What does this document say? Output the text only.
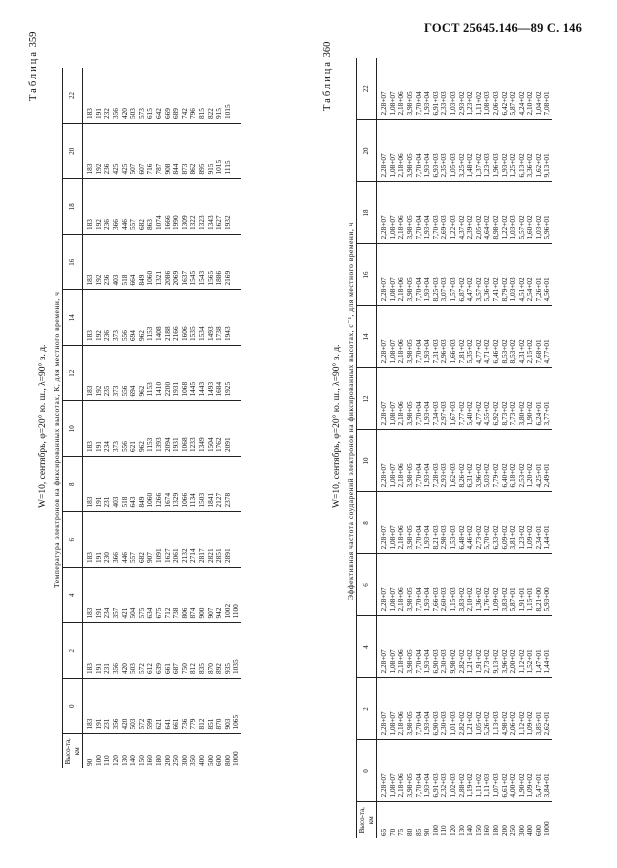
ГОСТ 25645.146—89 С. 146
Таблица 359
W=10, сентябрь, φ=20° ю. ш., λ=90° з. д. Температура электронов на фиксированных высотах, К, для местного времени, ч
Высо-та, км	0	2	4	6	8	10	12	14	16	18	20	22
90	183	183	183	183	183	183	183	183	183	183	183	183
100	191	191	191	191	191	191	192	192	192	192	192	191
110	231	231	234	230	231	234	235	236	236	236	236	232
120	356	356	357	366	403	373	373	373	403	366	425	356
130	420	420	421	446	518	556	556	556	518	446	425	420
140	503	503	504	557	643	621	694	694	664	557	507	503
150	572	572	575	682	849	962	962	962	849	682	607	573
160	599	612	634	907	1060	1153	1153	1153	1060	863	716	615
180	621	639	675	1091	1266	1393	1410	1408	1321	1074	787	642
200	641	661	712	1627	1674	2094	2200	2188	2086	1666	908	669
250	661	687	738	2061	1329	1931	1931	2166	2069	1990	844	689
300	736	750	806	2132	1066	1068	1068	1606	1637	1309	873	742
350	779	812	874	2714	1134	1233	1445	1535	1545	1322	862	796
400	812	835	900	2817	1503	1349	1443	1534	1543	1323	895	815
500	851	870	907	2821	1841	1504	1493	1493	1565	1343	915	822
600	870	892	942	2851	2127	1762	1684	1738	1886	1627	1015	915
800	903	935	1002	2891	2378	2091	1925	1943	2169	1932	1115	1015
1000	1065	1035	1100									
Таблица 360
W=10, сентябрь, φ=20° ю. ш., λ=90° з. д. Эффективная частота соударений электронов на фиксированных высотах, с⁻¹, для местного времени, ч
Высо-та, км	0	2	4	6	8	10	12	14	16	18	20	22
65	2,28+07	2,28+07	2,28+07	2,28+07	2,28+07	2,28+07	2,28+07	2,28+07	2,28+07	2,28+07	2,28+07	2,28+07
70	1,08+07	1,08+07	1,08+07	1,08+07	1,08+07	1,08+07	1,08+07	1,08+07	1,08+07	1,08+07	1,08+07	1,08+07
75	2,18+06	2,18+06	2,18+06	2,18+06	2,18+06	2,18+06	2,18+06	2,18+06	2,18+06	2,18+06	2,18+06	2,18+06
80	3,98+05	3,98+05	3,98+05	3,98+05	3,98+05	3,98+05	3,98+05	3,98+05	3,98+05	3,98+05	3,98+05	3,98+05
85	7,70+04	7,70+04	7,70+04	7,70+04	7,70+04	7,70+04	7,70+04	7,70+04	7,70+04	7,70+04	7,70+04	7,70+04
90	1,93+04	1,93+04	1,93+04	1,93+04	1,93+04	1,93+04	1,93+04	1,93+04	1,93+04	1,93+04	1,93+04	1,93+04
100	6,91+03	6,90+03	6,90+03	7,66+03	8,21+03	7,28+03	7,34+03	7,31+03	8,25+03	7,70+03	6,93+03	6,91+03
110	2,32+03	2,30+03	2,30+03	2,60+03	2,98+03	2,93+03	2,97+03	2,96+03	3,07+03	2,69+03	2,35+03	2,33+03
120	1,02+03	1,01+03	9,98+02	1,15+03	1,53+03	1,62+03	1,67+03	1,66+03	1,57+03	1,22+03	1,05+03	1,03+03
130	2,88+02	2,82+02	2,82+02	3,83+02	6,48+02	8,26+02	7,77+02	7,81+02	6,87+02	4,37+02	3,25+02	2,93+02
140	1,19+02	1,21+02	1,21+02	2,10+02	4,46+02	6,31+02	5,40+02	5,35+02	4,47+02	2,39+02	1,48+02	1,23+02
150	1,11+02	1,05+02	1,91+02	1,36+02	2,73+02	3,96+02	4,77+02	4,77+02	3,57+02	2,05+02	1,37+02	1,11+02
160	1,11+03	5,26+02	2,73+02	1,76+02	5,70+02	5,03+02	4,55+02	4,71+02	5,36+02	4,64+02	1,23+03	1,08+03
180	1,07+03	1,13+03	9,13+02	1,09+02	6,33+02	7,79+02	6,92+02	6,46+02	7,41+02	8,98+02	1,96+03	2,06+03
200	6,61+02	4,98+02	3,96+02	3,83+02	6,09+02	6,40+02	8,73+02	8,53+02	8,79+02	1,22+02	1,93+02	6,42+02
250	4,00+02	2,06+02	2,00+02	5,87+01	3,81+02	6,18+02	7,73+02	8,53+02	1,03+03	1,03+03	1,25+02	5,87+02
300	1,90+02	1,12+02	1,12+02	1,91+01	1,23+02	2,53+02	3,80+02	4,31+02	4,51+02	5,57+02	6,13+02	4,24+02
400	1,09+02	1,09+02	1,52+01	1,15+01	1,09+02	1,20+02	1,90+02	2,15+02	2,54+02	1,60+02	3,36+02	2,10+02
600	5,47+01	3,85+01	1,47+01	8,21+00	2,34+01	4,25+01	6,24+01	7,68+01	7,26+01	1,03+02	1,62+02	1,04+02
1000	3,84+01	2,62+01	1,44+01	5,93+00	1,44+01	2,49+01	3,77+01	4,77+01	4,56+01	5,96+01	9,13+01	7,08+01
